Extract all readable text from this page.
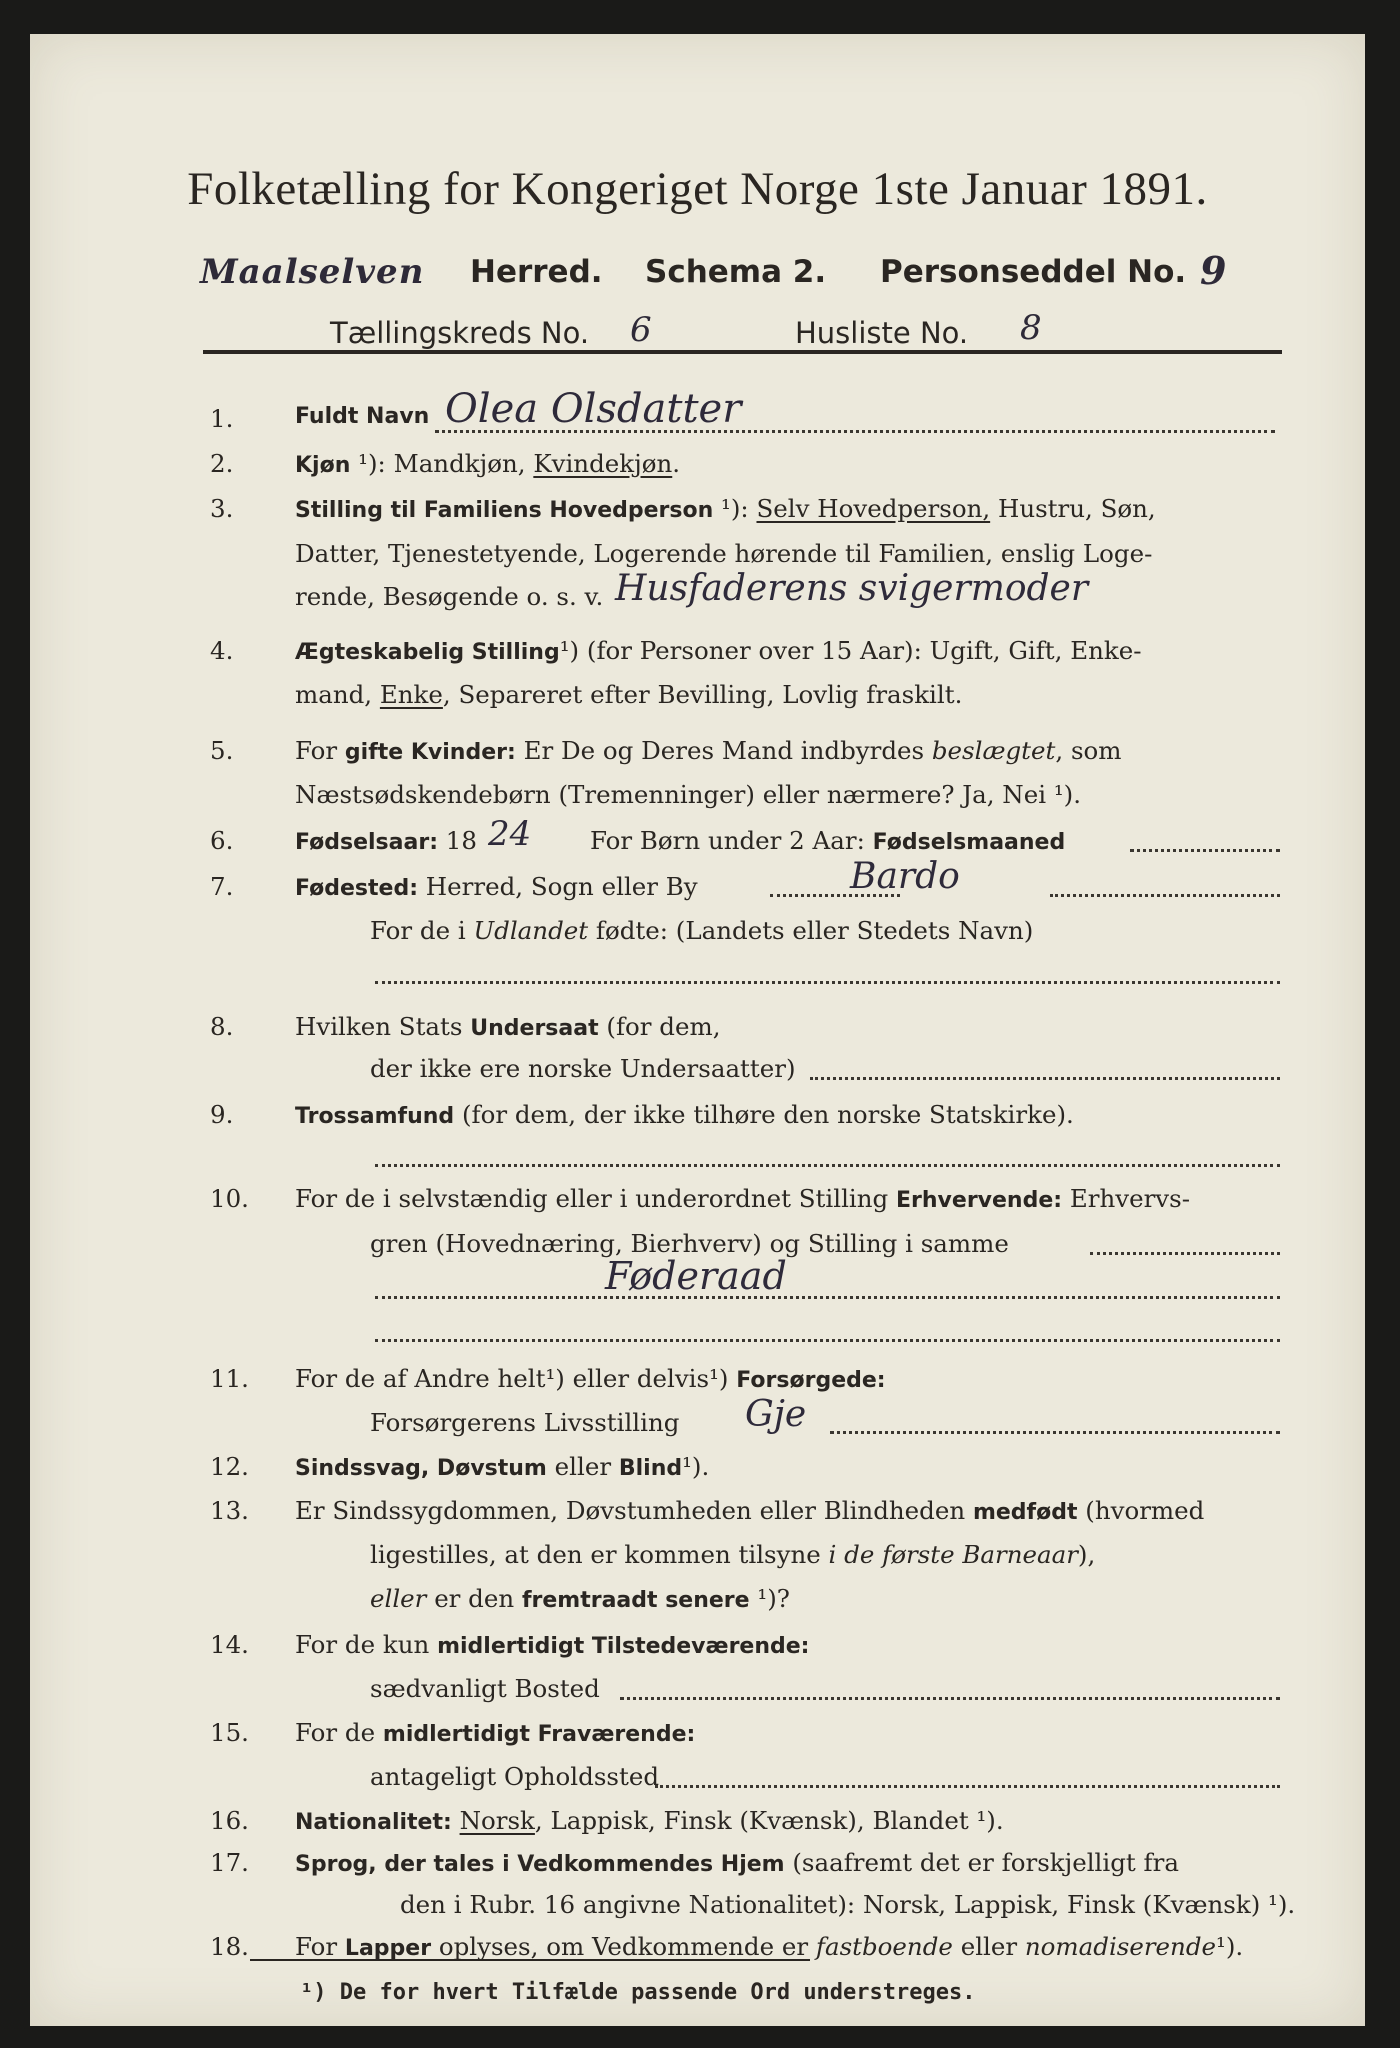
Folketælling for Kongeriget Norge 1ste Januar 1891.
Maalselven Herred. Schema 2. Personseddel No. 9
Tællingskreds No. 6	Husliste No. 8
1.	Fuldt Navn Olea Olsdatter
2.	Kjøn ¹): Mandkjøn, Kvindekjøn.
3.	Stilling til Familiens Hovedperson ¹): Selv Hovedperson, Hustru, Søn,
Datter, Tjenestetyende, Logerende hørende til Familien, enslig Loge-
rende, Besøgende o. s. v. Husfaderens svigermoder
4.	Ægteskabelig Stilling¹) (for Personer over 15 Aar): Ugift, Gift, Enke-
mand, Enke, Separeret efter Bevilling, Lovlig fraskilt.
5.	For gifte Kvinder: Er De og Deres Mand indbyrdes beslægtet, som
Næstsødskendebørn (Tremenninger) eller nærmere? Ja, Nei ¹).
6.	Fødselsaar: 18 24 For Børn under 2 Aar: Fødselsmaaned
7.	Fødested: Herred, Sogn eller By	Bardo
For de i Udlandet fødte: (Landets eller Stedets Navn)
8.	Hvilken Stats Undersaat (for dem,
der ikke ere norske Undersaatter)
9.	Trossamfund (for dem, der ikke tilhøre den norske Statskirke).
10.	For de i selvstændig eller i underordnet Stilling Erhvervende: Erhvervs-
gren (Hovednæring, Bierhverv) og Stilling i samme
Føderaad
11.	For de af Andre helt¹) eller delvis¹) Forsørgede:
Forsørgerens Livsstilling Gje
12.	Sindssvag, Døvstum eller Blind¹).
13.	Er Sindssygdommen, Døvstumheden eller Blindheden medfødt (hvormed
ligestilles, at den er kommen tilsyne i de første Barneaar),
eller er den fremtraadt senere ¹)?
14.	For de kun midlertidigt Tilstedeværende:
sædvanligt Bosted
15.	For de midlertidigt Fraværende:
antageligt Opholdssted
16.	Nationalitet: Norsk, Lappisk, Finsk (Kvænsk), Blandet ¹).
17.	Sprog, der tales i Vedkommendes Hjem (saafremt det er forskjelligt fra
den i Rubr. 16 angivne Nationalitet): Norsk, Lappisk, Finsk (Kvænsk) ¹).
18.	For Lapper oplyses, om Vedkommende er fastboende eller nomadiserende¹).
¹) De for hvert Tilfælde passende Ord understreges.
